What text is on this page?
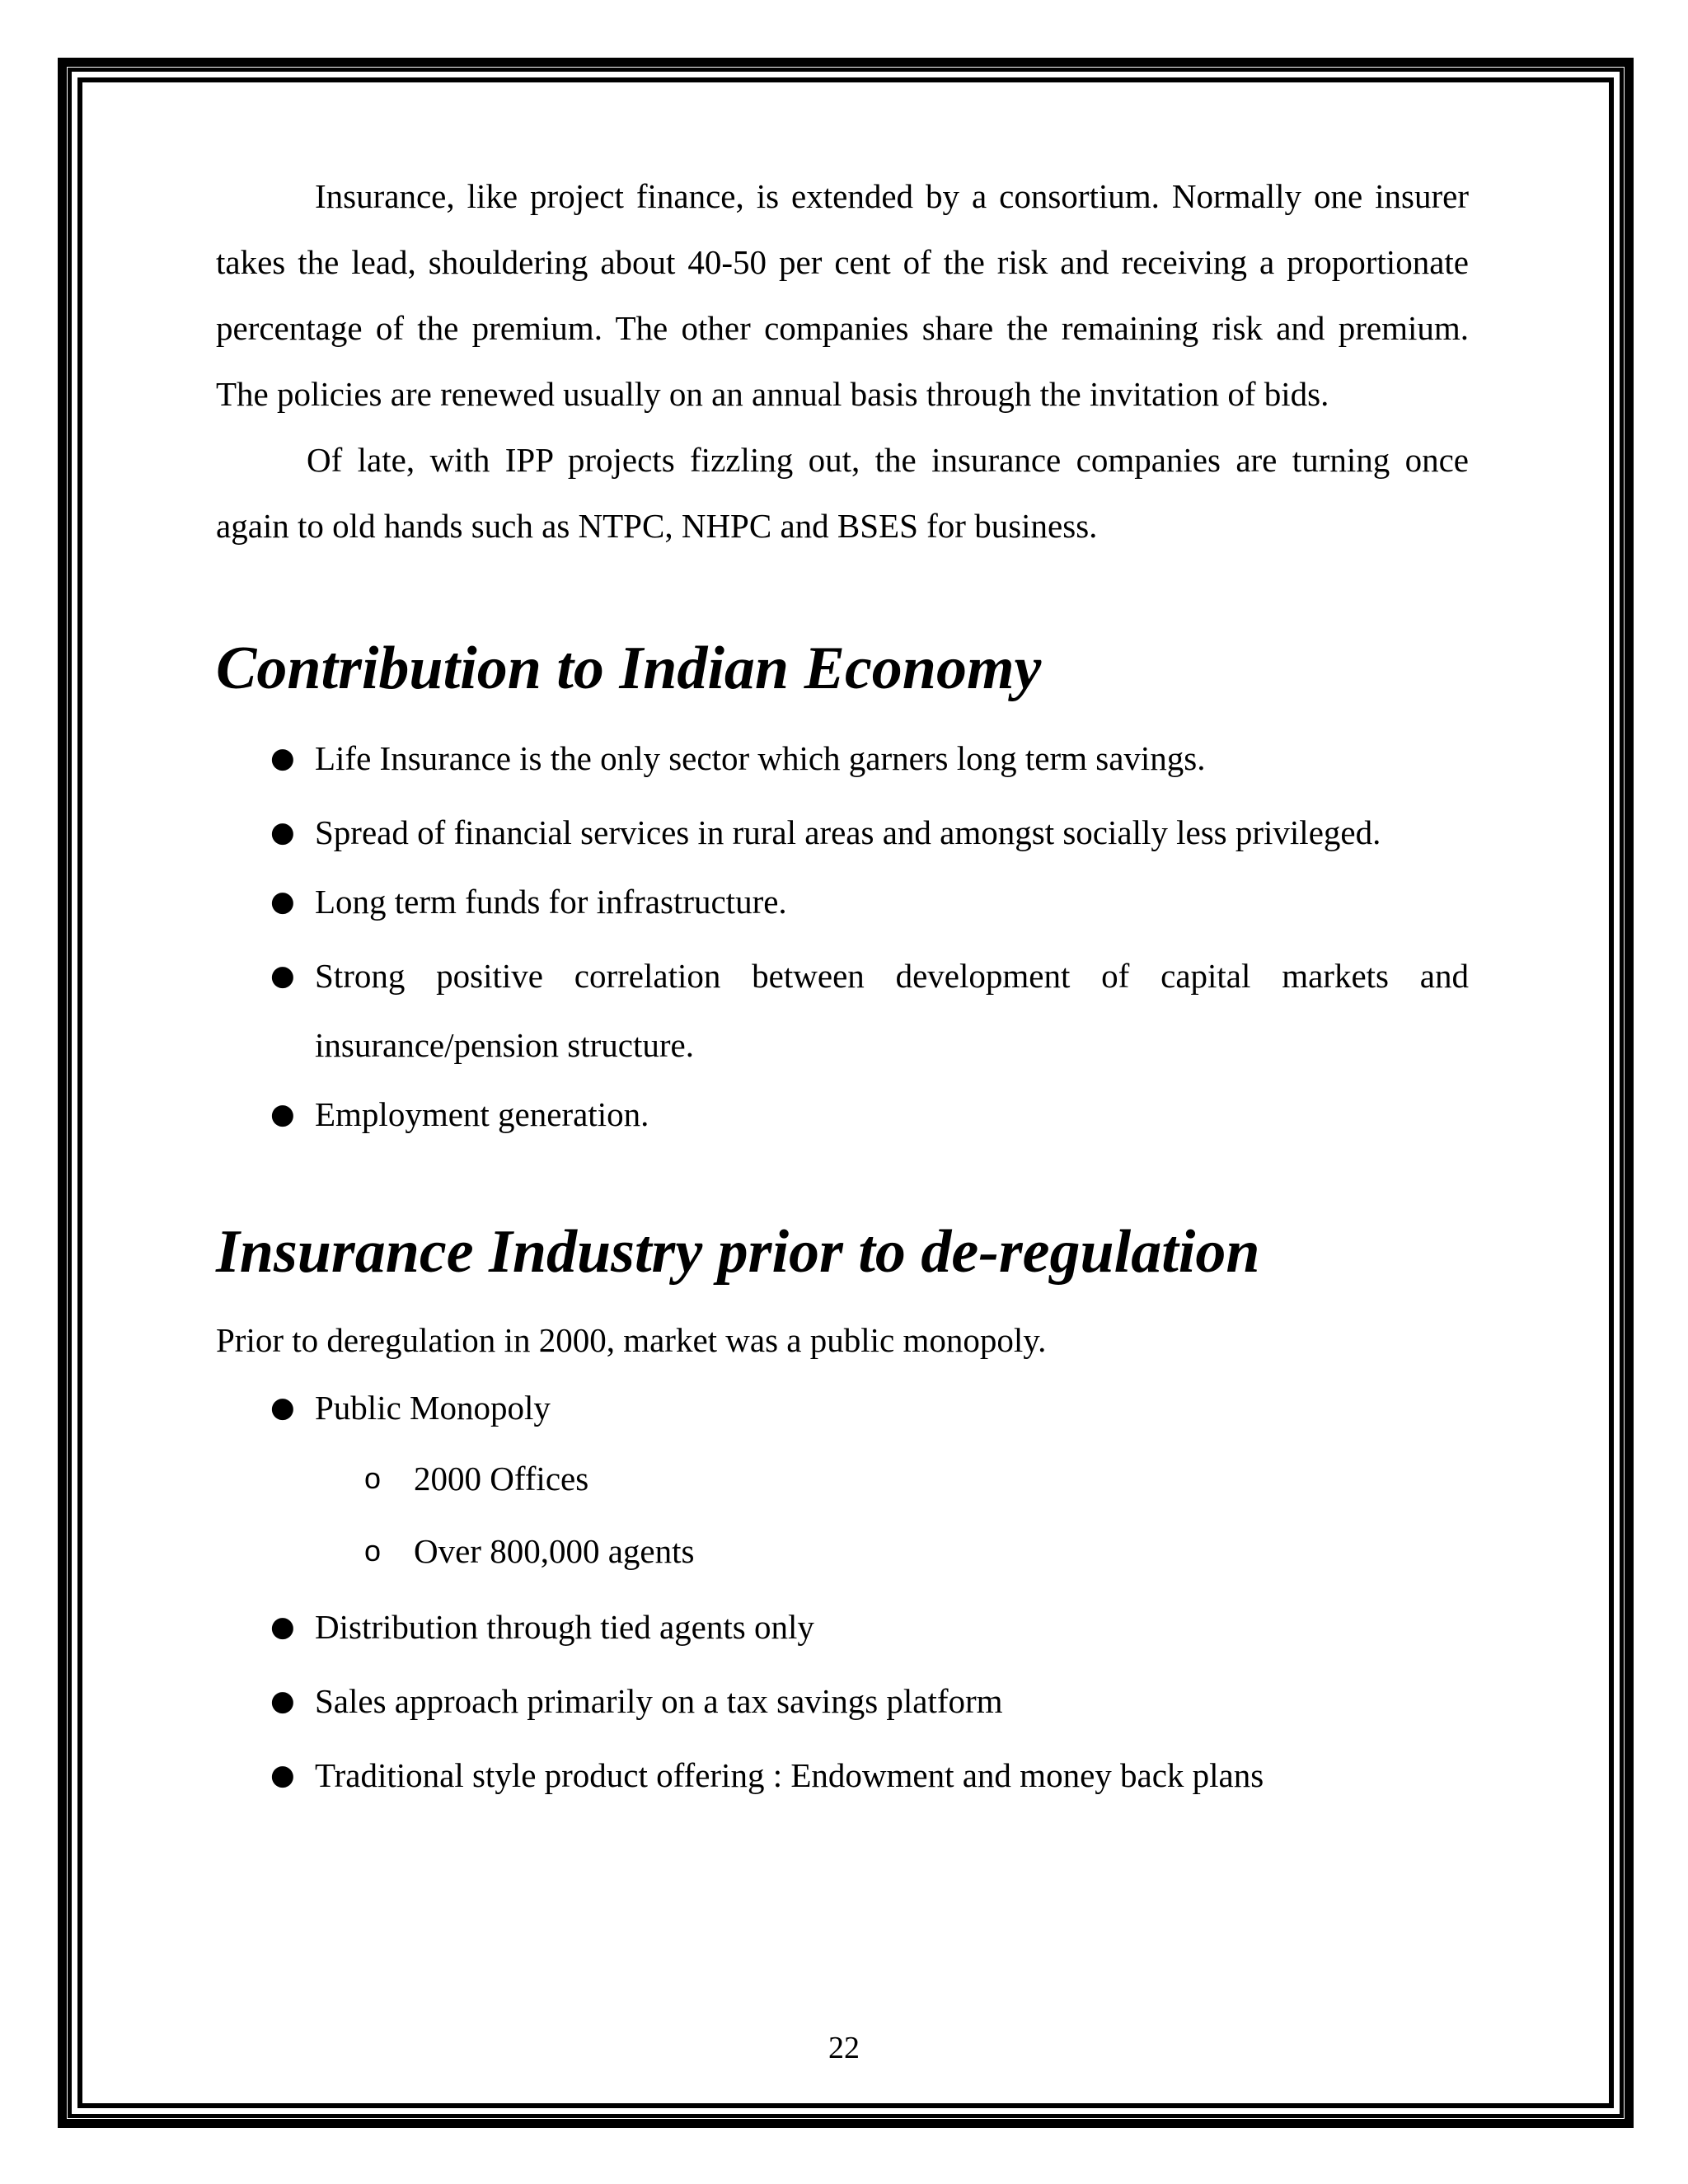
Insurance, like project finance, is extended by a consortium. Normally one insurer takes the lead, shouldering about 40-50 per cent of the risk and receiving a proportionate percentage of the premium. The other companies share the remaining risk and premium. The policies are renewed usually on an annual basis through the invitation of bids.

Of late, with IPP projects fizzling out, the insurance companies are turning once again to old hands such as NTPC, NHPC and BSES for business.

Contribution to Indian Economy
● Life Insurance is the only sector which garners long term savings.
● Spread of financial services in rural areas and amongst socially less privileged.
● Long term funds for infrastructure.
● Strong positive correlation between development of capital markets and insurance/pension structure.
● Employment generation.
Insurance Industry prior to de-regulation

Prior to deregulation in 2000, market was a public monopoly.

● Public Monopoly
o 2000 Offices
o Over 800,000 agents
● Distribution through tied agents only
● Sales approach primarily on a tax savings platform
● Traditional style product offering : Endowment and money back plans
22
